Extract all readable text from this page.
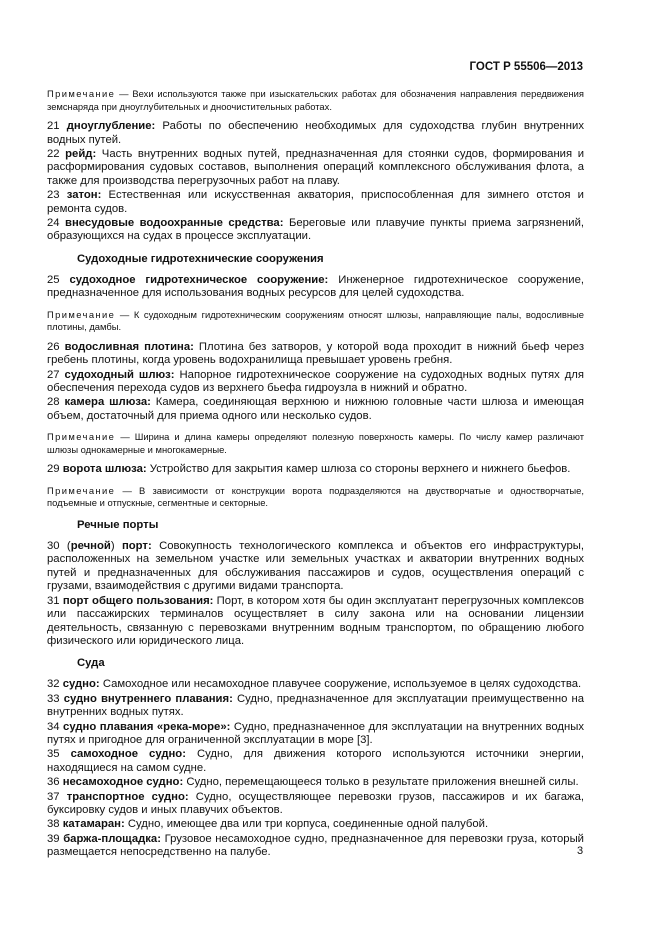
ГОСТ Р 55506—2013

Примечание — Вехи используются также при изыскательских работах для обозначения направления передвижения земснаряда при дноуглубительных и дноочистительных работах.

21 дноуглубление: Работы по обеспечению необходимых для судоходства глубин внутренних водных путей.

22 рейд: Часть внутренних водных путей, предназначенная для стоянки судов, формирования и расформирования судовых составов, выполнения операций комплексного обслуживания флота, а также для производства перегрузочных работ на плаву.

23 затон: Естественная или искусственная акватория, приспособленная для зимнего отстоя и ремонта судов.

24 внесудовые водоохранные средства: Береговые или плавучие пункты приема загрязнений, образующихся на судах в процессе эксплуатации.

Судоходные гидротехнические сооружения

25 судоходное гидротехническое сооружение: Инженерное гидротехническое сооружение, предназначенное для использования водных ресурсов для целей судоходства.

Примечание — К судоходным гидротехническим сооружениям относят шлюзы, направляющие палы, водосливные плотины, дамбы.

26 водосливная плотина: Плотина без затворов, у которой вода проходит в нижний бьеф через гребень плотины, когда уровень водохранилища превышает уровень гребня.

27 судоходный шлюз: Напорное гидротехническое сооружение на судоходных водных путях для обеспечения перехода судов из верхнего бьефа гидроузла в нижний и обратно.

28 камера шлюза: Камера, соединяющая верхнюю и нижнюю головные части шлюза и имеющая объем, достаточный для приема одного или несколько судов.

Примечание — Ширина и длина камеры определяют полезную поверхность камеры. По числу камер различают шлюзы однокамерные и многокамерные.

29 ворота шлюза: Устройство для закрытия камер шлюза со стороны верхнего и нижнего бьефов.

Примечание — В зависимости от конструкции ворота подразделяются на двустворчатые и одностворчатые, подъемные и отпускные, сегментные и секторные.

Речные порты

30 (речной) порт: Совокупность технологического комплекса и объектов его инфраструктуры, расположенных на земельном участке или земельных участках и акватории внутренних водных путей и предназначенных для обслуживания пассажиров и судов, осуществления операций с грузами, взаимодействия с другими видами транспорта.

31 порт общего пользования: Порт, в котором хотя бы один эксплуатант перегрузочных комплексов или пассажирских терминалов осуществляет в силу закона или на основании лицензии деятельность, связанную с перевозками внутренним водным транспортом, по обращению любого физического или юридического лица.

Суда

32 судно: Самоходное или несамоходное плавучее сооружение, используемое в целях судоходства.

33 судно внутреннего плавания: Судно, предназначенное для эксплуатации преимущественно на внутренних водных путях.

34 судно плавания «река-море»: Судно, предназначенное для эксплуатации на внутренних водных путях и пригодное для ограниченной эксплуатации в море [3].

35 самоходное судно: Судно, для движения которого используются источники энергии, находящиеся на самом судне.

36 несамоходное судно: Судно, перемещающееся только в результате приложения внешней силы.

37 транспортное судно: Судно, осуществляющее перевозки грузов, пассажиров и их багажа, буксировку судов и иных плавучих объектов.

38 катамаран: Судно, имеющее два или три корпуса, соединенные одной палубой.

39 баржа-площадка: Грузовое несамоходное судно, предназначенное для перевозки груза, который размещается непосредственно на палубе.	3
